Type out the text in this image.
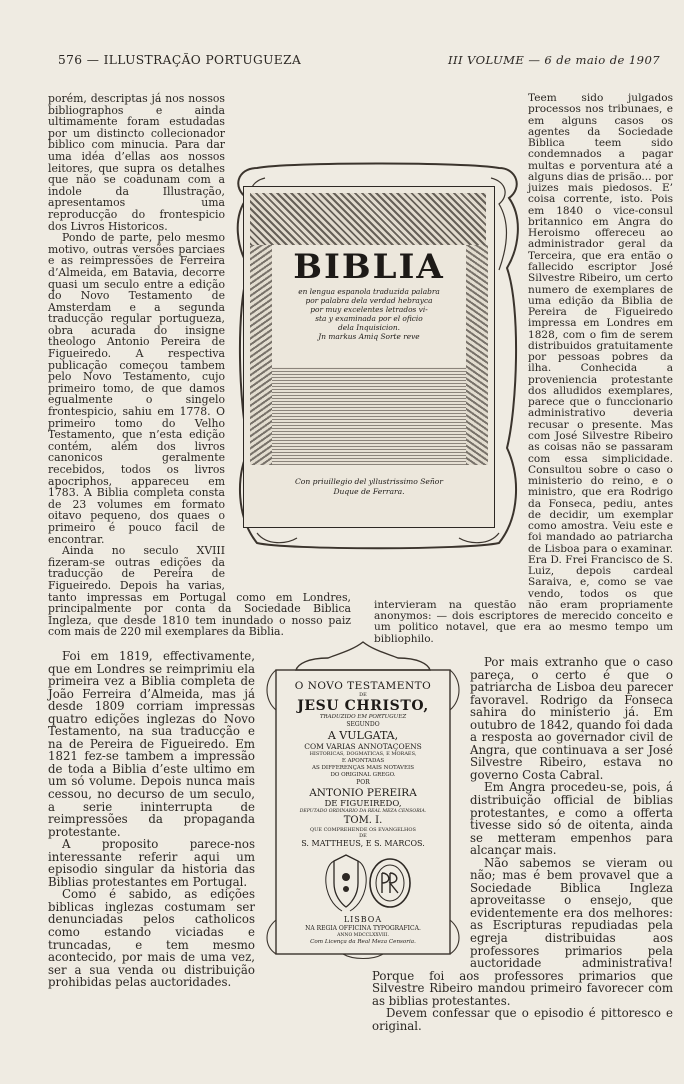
576 — ILLUSTRAÇÃO PORTUGUEZA	III VOLUME — 6 de maio de 1907
BIBLIA
en lengua espanola traduzida palabra
por palabra dela verdad hebrayca
por muy excelentes letrados vi-
sta y examinada por el oficio
dela Inquisicion.
Jn markus Amiq Sorte reve
Con priuillegio del yllustrissimo Señor
Duque de Ferrara.
O NOVO TESTAMENTO
DE
JESU CHRISTO,
TRADUZIDO EM PORTUGUEZ
SEGUNDO
A VULGATA,
COM VARIAS ANNOTAÇOENS
HISTORICAS, DOGMATICAS, E MORAES,
E APONTADAS
AS DIFFERENÇAS MAIS NOTAVEIS
DO ORIGINAL GREGO.
POR
ANTONIO PEREIRA
DE FIGUEIREDO,
DEPUTADO ORDINARIO DA REAL MEZA CENSORIA.
TOM. I.
QUE COMPREHENDE OS EVANGELHOS
DE
S. MATTHEUS, E S. MARCOS.
LISBOA
NA REGIA OFFICINA TYPOGRAFICA.
ANNO MDCCLXXVIII.
Com Licença da Real Meza Censoria.

porém, descriptas já nos nossos bibliographos e ainda ultimamente foram estudadas por um distincto collecionador biblico com minucia. Para dar uma idéa d’ellas aos nossos leitores, que supra os detalhes que não se coadunam com a indole da Illustração, apresentamos uma reproducção do frontespicio dos Livros Historicos.

Pondo de parte, pelo mesmo motivo, outras versões parciaes e as reimpressões de Ferreira d’Almeida, em Batavia, decorre quasi um seculo entre a edição do Novo Testamento de Amsterdam e a segunda traducção regular portugueza, obra acurada do insigne theologo Antonio Pereira de Figueiredo. A respectiva publicação começou tambem pelo Novo Testamento, cujo primeiro tomo, de que damos egualmente o singelo frontespicio, sahiu em 1778. O primeiro tomo do Velho Testamento, que n’esta edição contém, além dos livros canonicos geralmente recebidos, todos os livros apocriphos, appareceu em 1783. A Biblia completa consta de 23 volumes em formato oitavo pequeno, dos quaes o primeiro é pouco facil de encontrar.

Ainda no seculo XVIII fizeram-se outras edições da traducção de Pereira de Figueiredo. Depois ha varias, tanto impressas em Portugal como em Londres, principalmente por conta da Sociedade Biblica Ingleza, que desde 1810 tem inundado o nosso paiz com mais de 220 mil exemplares da Biblia.

Foi em 1819, effectivamente, que em Londres se reimprimiu ela primeira vez a Biblia completa de João Ferreira d’Almeida, mas já desde 1809 corriam impressas quatro edições inglezas do Novo Testamento, na sua traducção e na de Pereira de Figueiredo. Em 1821 fez-se tambem a impressão de toda a Biblia d’este ultimo em um só volume. Depois nunca mais cessou, no decurso de um seculo, a serie ininterrupta de reimpressões da propaganda protestante.

A proposito parece-nos interessante referir aqui um episodio singular da historia das Biblias protestantes em Portugal.

Como é sabido, as edições biblicas inglezas costumam ser denunciadas pelos catholicos como estando viciadas e truncadas, e tem mesmo acontecido, por mais de uma vez, ser a sua venda ou distribuição prohibidas pelas auctoridades.

Teem sido julgados processos nos tribunaes, e em alguns casos os agentes da Sociedade Biblica teem sido condemnados a pagar multas e porventura até a alguns dias de prisão... por juizes mais piedosos. E’ coisa corrente, isto. Pois em 1840 o vice-consul britannico em Angra do Heroismo offereceu ao administrador geral da Terceira, que era então o fallecido escriptor José Silvestre Ribeiro, um certo numero de exemplares de uma edição da Biblia de Pereira de Figueiredo impressa em Londres em 1828, com o fim de serem distribuidos gratuitamente por pessoas pobres da ilha. Conhecida a proveniencia protestante dos alludidos exemplares, parece que o funccionario administrativo deveria recusar o presente. Mas com José Silvestre Ribeiro as coisas não se passaram com essa simplicidade. Consultou sobre o caso o ministerio do reino, e o ministro, que era Rodrigo da Fonseca, pediu, antes de decidir, um exemplar como amostra. Veiu este e foi mandado ao patriarcha de Lisboa para o examinar. Era D. Frei Francisco de S. Luiz, depois cardeal Saraiva, e, como se vae vendo, todos os que intervieram na questão não eram propriamente anonymos: — dois escriptores de merecido conceito e um politico notavel, que era ao mesmo tempo um bibliophilo.

Por mais extranho que o caso pareça, o certo é que o patriarcha de Lisboa deu parecer favoravel. Rodrigo da Fonseca sahira do ministerio já. Em outubro de 1842, quando foi dada a resposta ao governador civil de Angra, que continuava a ser José Silvestre Ribeiro, estava no governo Costa Cabral.

Em Angra procedeu-se, pois, á distribuição official de biblias protestantes, e como a offerta tivesse sido só de oitenta, ainda se metteram empenhos para alcançar mais.

Não sabemos se vieram ou não; mas é bem provavel que a Sociedade Biblica Ingleza aproveitasse o ensejo, que evidentemente era dos melhores: as Escripturas repudiadas pela egreja distribuidas aos professores primarios pela auctoridade administrativa! Porque foi aos professores primarios que Silvestre Ribeiro mandou primeiro favorecer com as biblias protestantes.

Devem confessar que o episodio é pittoresco e original.
